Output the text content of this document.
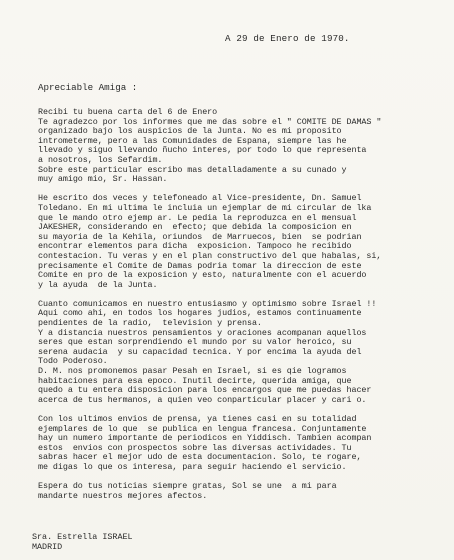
A 29 de Enero de 1970.
Apreciable Amiga :
Recibi tu buena carta del 6 de Enero
Te agradezco por los informes que me das sobre el " COMITE DE DAMAS "
organizado bajo los auspicios de la Junta. No es mi proposito
intrometerme, pero a las Comunidades de Espana, siempre las he
llevado y siguo llevando ñucho interes, por todo lo que representa
a nosotros, los Sefardim.
Sobre este particular escribo mas detalladamente a su cunado y
muy amigo mio, Sr. Hassan.
He escrito dos veces y telefoneado al Vice-presidente, Dn. Samuel
Toledano. En mi ultima le incluia un ejemplar de mi circular de lka
que le mando otro ejemp ar. Le pedia la reproduzca en el mensual
JAKESHER, considerando en  efecto; que debida la composicion en
su mayoria de la Kehila, oriundos  de Marruecos, bien  se podrian
encontrar elementos para dicha  exposicion. Tampoco he recibido
contestacion. Tu veras y en el plan constructivo del que habalas, si,
precisamente el Comite de Damas podria tomar la direccion de este
Comite en pro de la exposicion y esto, naturalmente con el acuerdo
y la ayuda  de la Junta.
Cuanto comunicamos en nuestro entusiasmo y optimismo sobre Israel !!
Aqui como ahi, en todos los hogares judios, estamos continuamente
pendientes de la radio,  television y prensa.
Y a distancia nuestros pensamientos y oraciones acompanan aquellos
seres que estan sorprendiendo el mundo por su valor heroico, su
serena audacia  y su capacidad tecnica. Y por encima la ayuda del
Todo Poderoso.
D. M. nos promonemos pasar Pesah en Israel, si es qie logramos
habitaciones para esa epoco. Inutil decirte, querida amiga, que
quedo a tu entera disposicion para los encargos que me puedas hacer
acerca de tus hermanos, a quien veo conparticular placer y cari o.
Con los ultimos envios de prensa, ya tienes casi en su totalidad
ejemplares de lo que  se publica en lengua francesa. Conjuntamente
hay un numero importante de periodicos en Yiddisch. Tambien acompan
estos  envios con prospectos sobre las diversas actividades. Tu
sabras hacer el mejor udo de esta documentacion. Solo, te rogare,
me digas lo que os interesa, para seguir haciendo el servicio.
Espera do tus noticias siempre gratas, Sol se une  a mi para
mandarte nuestros mejores afectos.
Sra. Estrella ISRAEL
MADRID
